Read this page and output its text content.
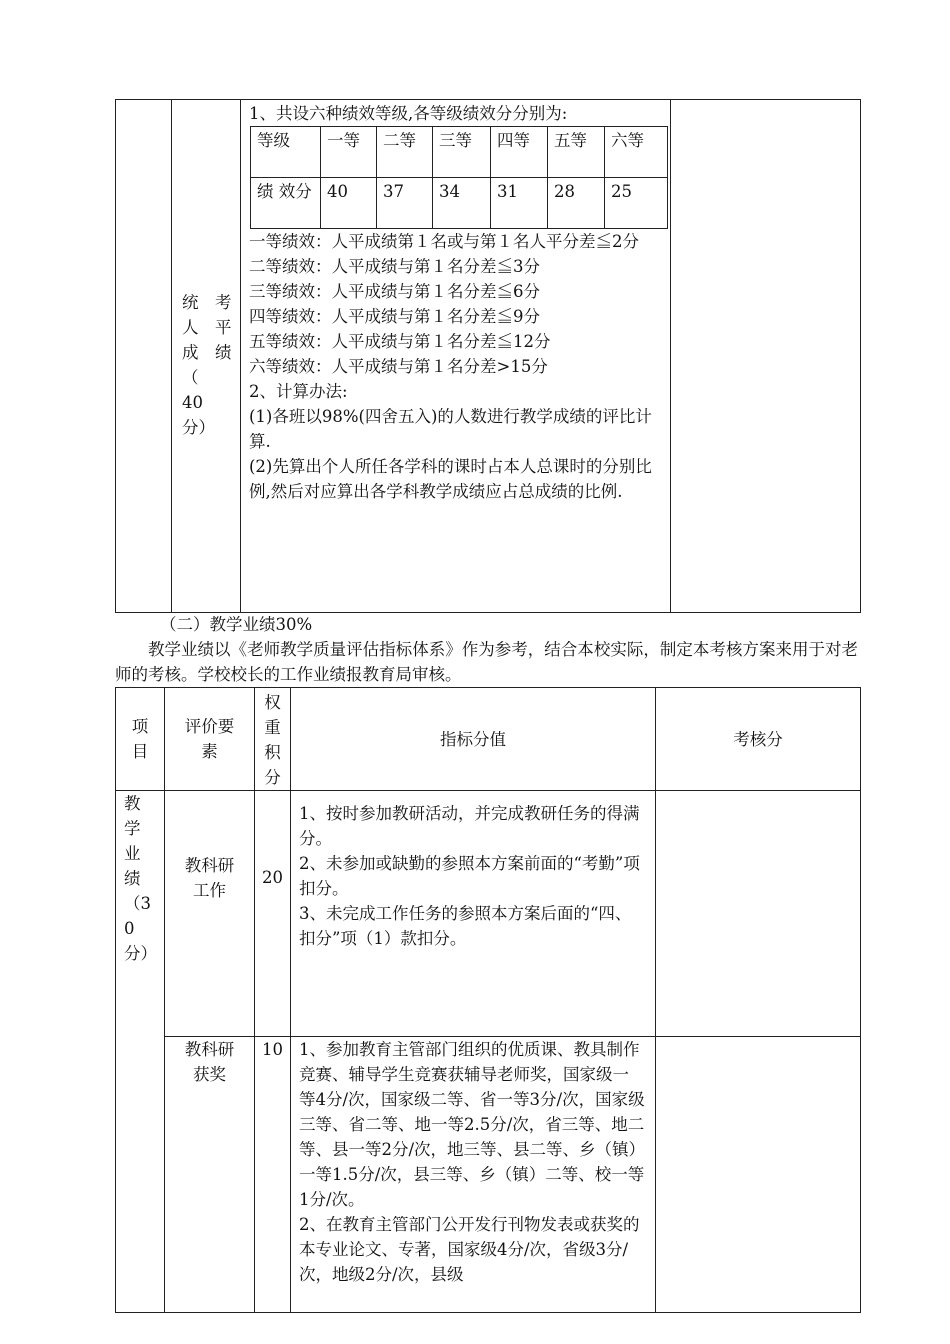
统　考
人　平
成　绩
（　40
分）

1、共设六种绩效等级,各等级绩效分分别为:
等级	一等	二等	三等	四等	五等	六等
绩 效分	40	37	34	31	28	25
一等绩效：人平成绩第１名或与第１名人平分差≦2分
二等绩效：人平成绩与第１名分差≦3分
三等绩效：人平成绩与第１名分差≦6分
四等绩效：人平成绩与第１名分差≦9分
五等绩效：人平成绩与第１名分差≦12分
六等绩效：人平成绩与第１名分差>15分
2、计算办法:
(1)各班以98%(四舍五入)的人数进行教学成绩的评比计算.
(2)先算出个人所任各学科的课时占本人总课时的分别比例,然后对应算出各学科教学成绩应占总成绩的比例.

（二）教学业绩30%
教学业绩以《老师教学质量评估指标体系》作为参考，结合本校实际，制定本考核方案来用于对老师的考核。学校校长的工作业绩报教育局审核。
项目	评价要素	权重积分	指标分值	考核分

教学业绩（30分）	教科研工作	20	1、按时参加教研活动，并完成教研任务的得满分。
2、未参加或缺勤的参照本方案前面的“考勤”项扣分。
3、未完成工作任务的参照本方案后面的“四、扣分”项（1）款扣分。	

	教科研获奖	10	1、参加教育主管部门组织的优质课、教具制作竞赛、辅导学生竞赛获辅导老师奖，国家级一等4分/次，国家级二等、省一等3分/次，国家级三等、省二等、地一等2.5分/次，省三等、地二等、县一等2分/次，地三等、县二等、乡（镇）一等1.5分/次，县三等、乡（镇）二等、校一等1分/次。
2、在教育主管部门公开发行刊物发表或获奖的本专业论文、专著，国家级4分/次，省级3分/次，地级2分/次，县级	
